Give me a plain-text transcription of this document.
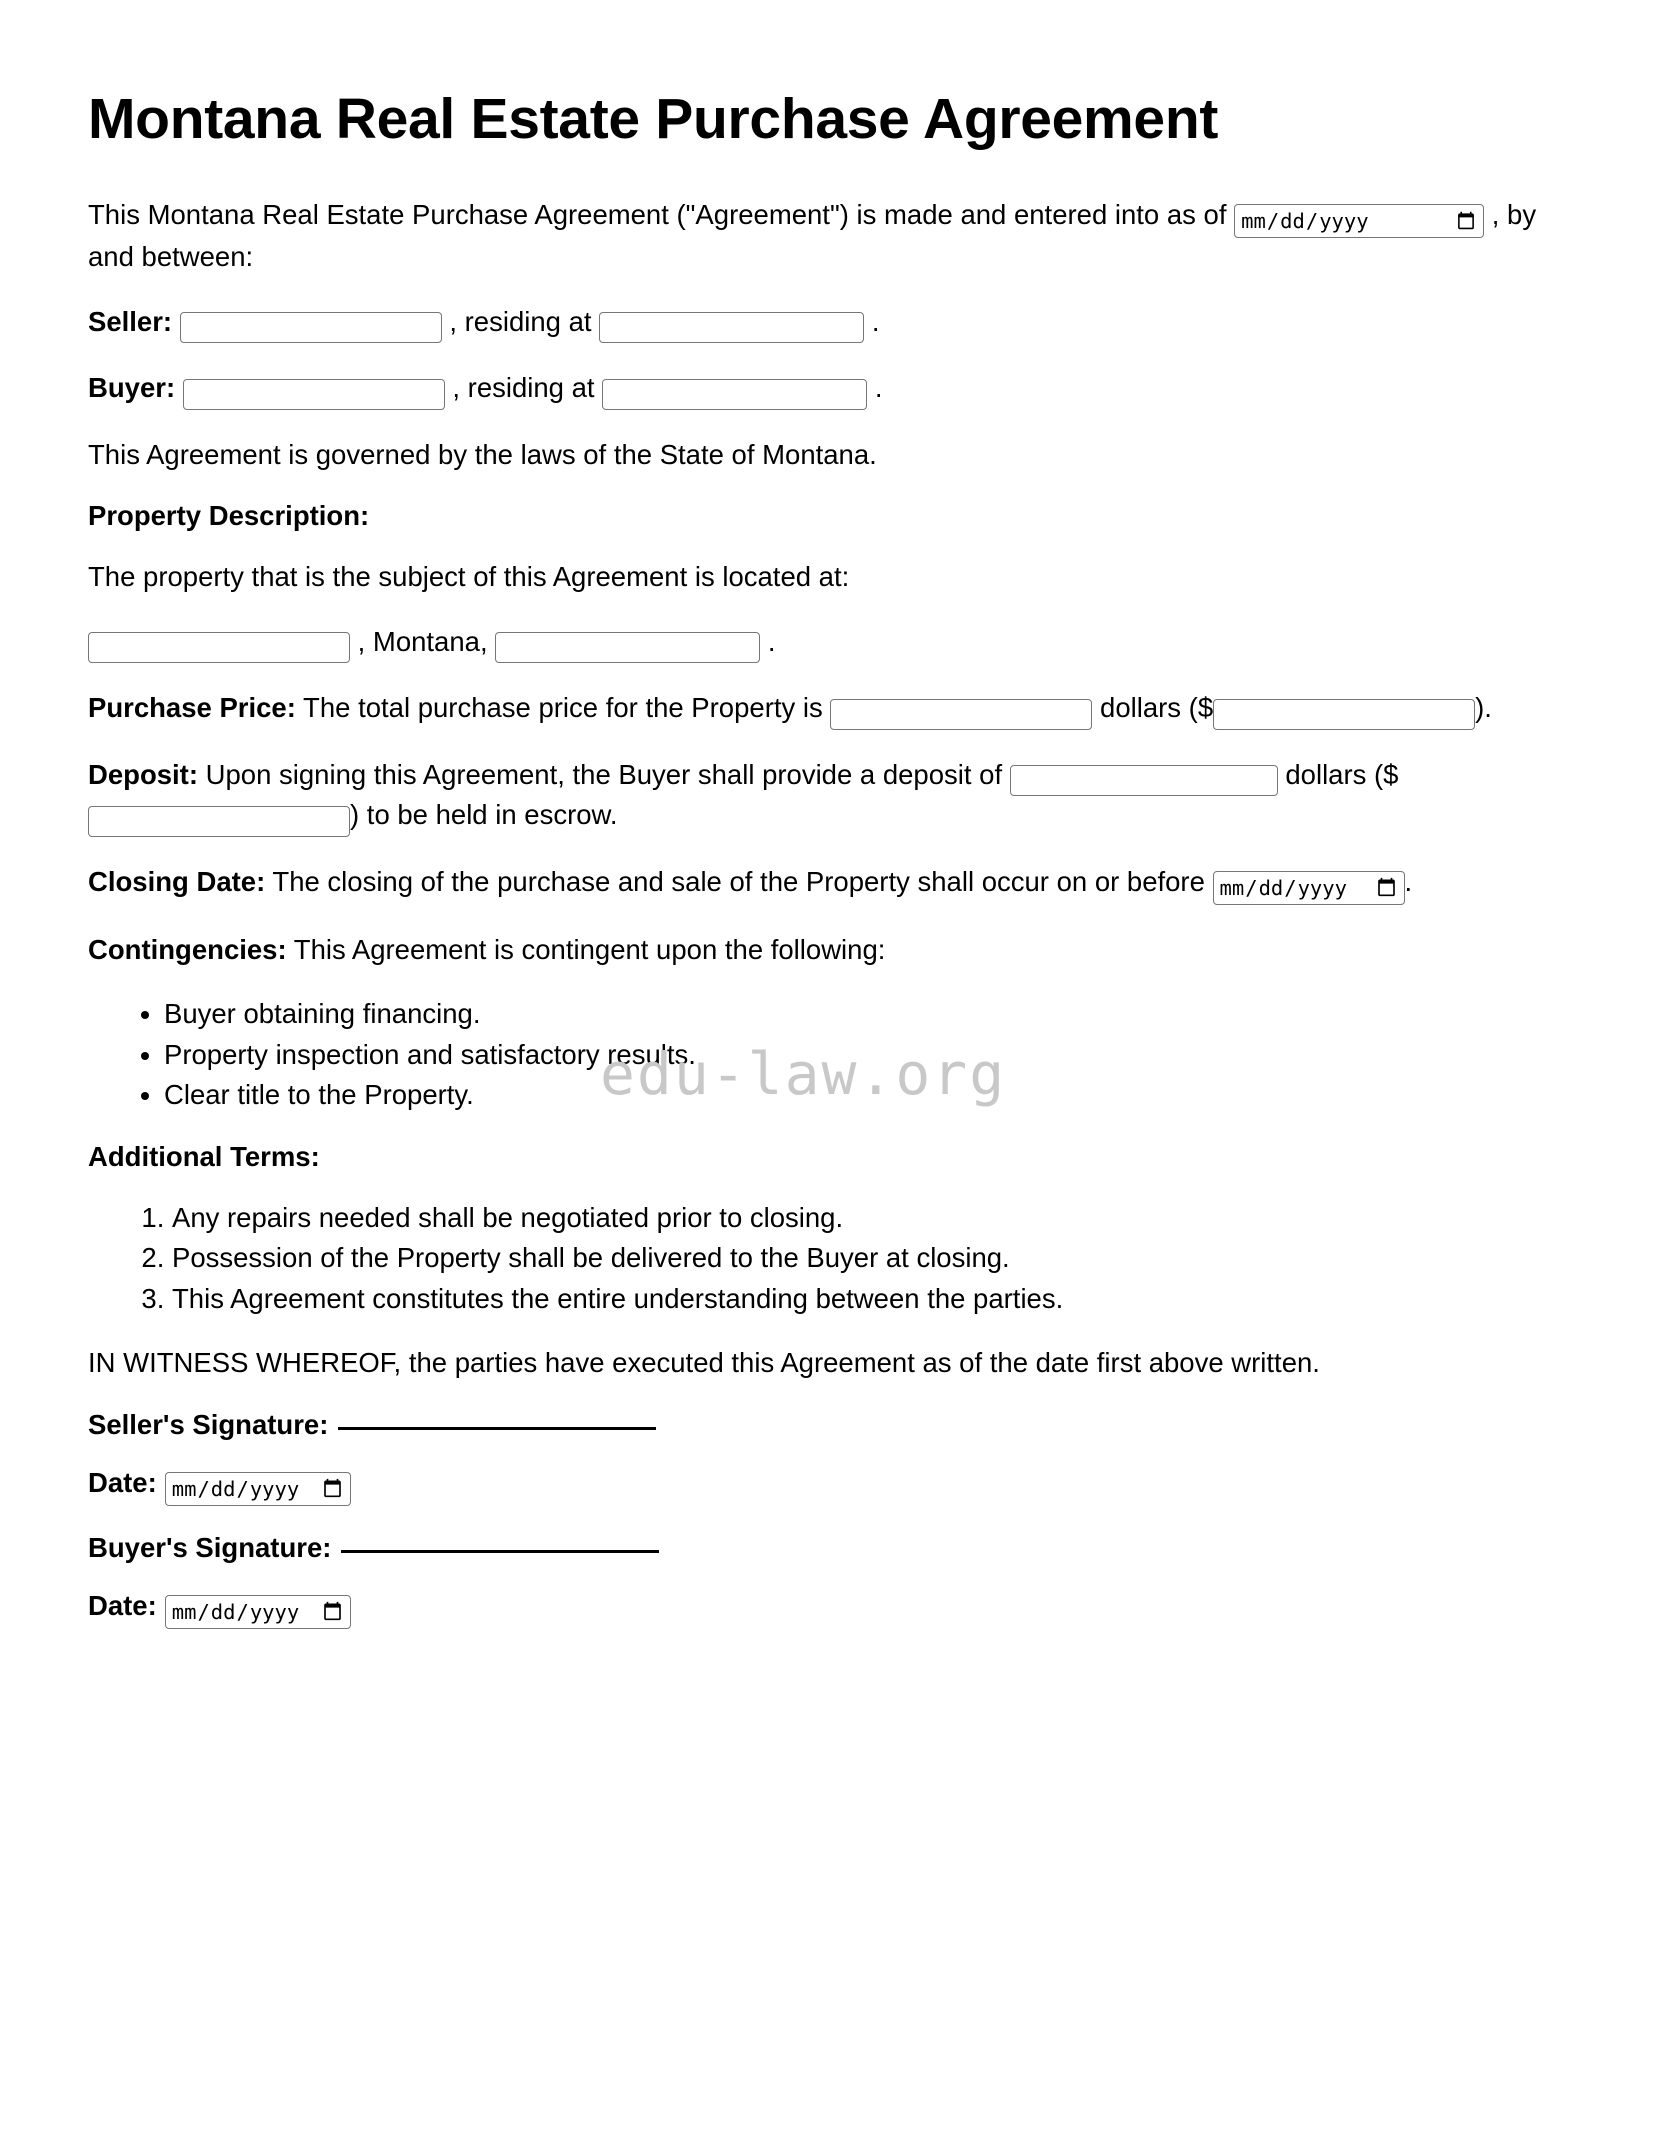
Montana Real Estate Purchase Agreement

This Montana Real Estate Purchase Agreement ("Agreement") is made and entered into as of mm/dd/yyyy	, by and between:

Seller:	, residing at	.

Buyer:	, residing at	.

This Agreement is governed by the laws of the State of Montana.

Property Description:

The property that is the subject of this Agreement is located at:

, Montana,	.

Purchase Price: The total purchase price for the Property is	dollars ($	).

Deposit: Upon signing this Agreement, the Buyer shall provide a deposit of	dollars ($) to be held in escrow.

Closing Date: The closing of the purchase and sale of the Property shall occur on or before mm/dd/yyyy	.

Contingencies: This Agreement is contingent upon the following:

• Buyer obtaining financing.
• Property inspection and satisfactory results.
• Clear title to the Property.
Additional Terms:
1. Any repairs needed shall be negotiated prior to closing.
2. Possession of the Property shall be delivered to the Buyer at closing.
3. This Agreement constitutes the entire understanding between the parties.

IN WITNESS WHEREOF, the parties have executed this Agreement as of the date first above written.

Seller's Signature:
Date:mm/dd/yyyy
Buyer's Signature:
Date:mm/dd/yyyy
edu-law.org
